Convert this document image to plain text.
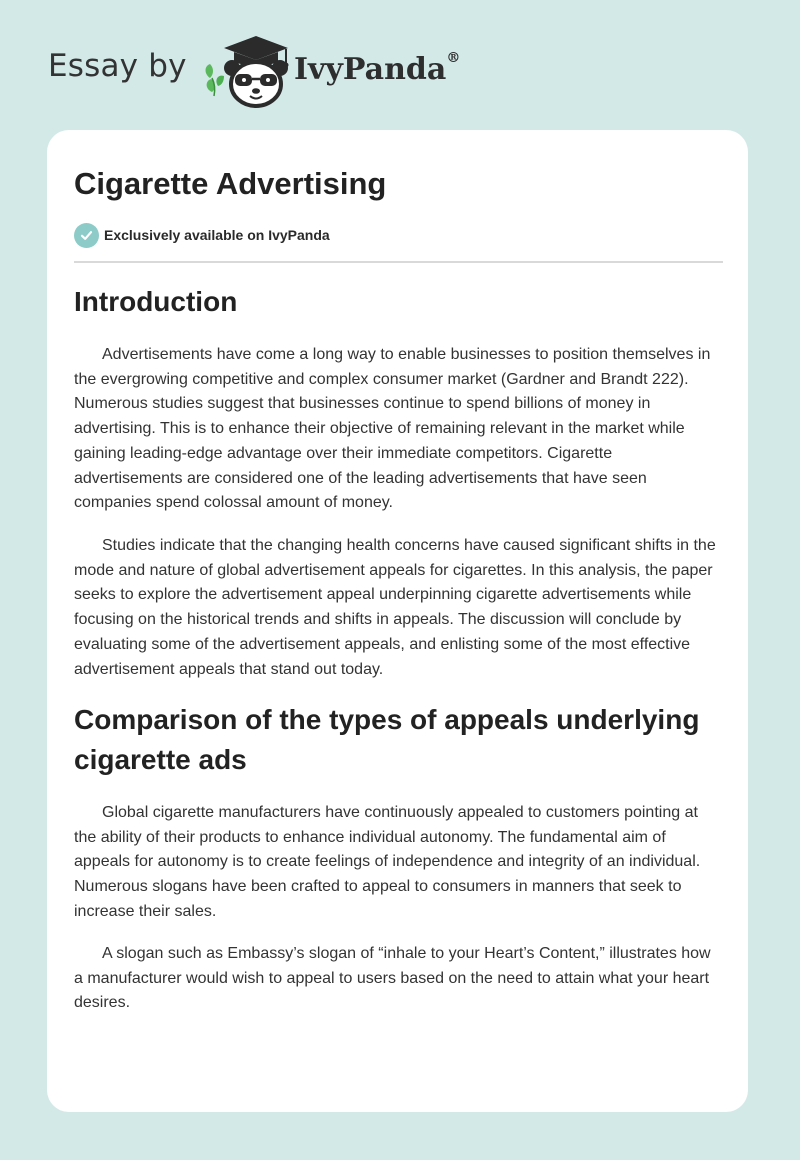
Essay by	IvyPanda®
Cigarette Advertising
Exclusively available on IvyPanda
Introduction

Advertisements have come a long way to enable businesses to position themselves in the evergrowing competitive and complex consumer market (Gardner and Brandt 222). Numerous studies suggest that businesses continue to spend billions of money in advertising. This is to enhance their objective of remaining relevant in the market while gaining leading-edge advantage over their immediate competitors. Cigarette advertisements are considered one of the leading advertisements that have seen companies spend colossal amount of money.

Studies indicate that the changing health concerns have caused significant shifts in the mode and nature of global advertisement appeals for cigarettes. In this analysis, the paper seeks to explore the advertisement appeal underpinning cigarette advertisements while focusing on the historical trends and shifts in appeals. The discussion will conclude by evaluating some of the advertisement appeals, and enlisting some of the most effective advertisement appeals that stand out today.

Comparison of the types of appeals underlying cigarette ads

Global cigarette manufacturers have continuously appealed to customers pointing at the ability of their products to enhance individual autonomy. The fundamental aim of appeals for autonomy is to create feelings of independence and integrity of an individual. Numerous slogans have been crafted to appeal to consumers in manners that seek to increase their sales.

A slogan such as Embassy’s slogan of “inhale to your Heart’s Content,” illustrates how a manufacturer would wish to appeal to users based on the need to attain what your heart desires.
